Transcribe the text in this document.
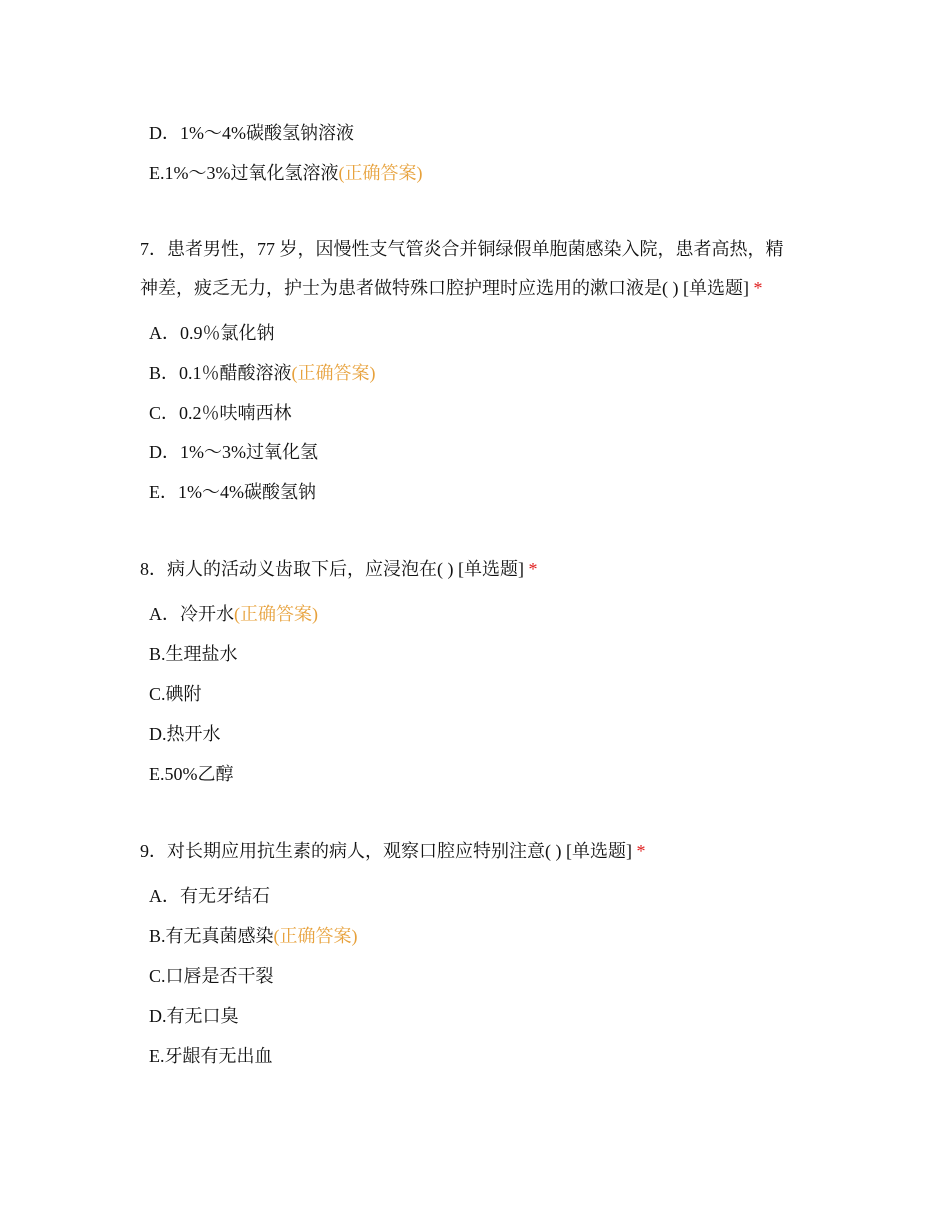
D．1%～4%碳酸氢钠溶液
E.1%～3%过氧化氢溶液(正确答案)
7．患者男性，77 岁，因慢性支气管炎合并铜绿假单胞菌感染入院，患者高热，精
神差，疲乏无力，护士为患者做特殊口腔护理时应选用的漱口液是( ) [单选题] *
A．0.9％氯化钠
B．0.1％醋酸溶液(正确答案)
C．0.2％呋喃西林
D．1%～3%过氧化氢
E．1%～4%碳酸氢钠
8．病人的活动义齿取下后，应浸泡在( ) [单选题] *
A．冷开水(正确答案)
B.生理盐水
C.碘附
D.热开水
E.50%乙醇
9．对长期应用抗生素的病人，观察口腔应特别注意( ) [单选题] *
A．有无牙结石
B.有无真菌感染(正确答案)
C.口唇是否干裂
D.有无口臭
E.牙龈有无出血
